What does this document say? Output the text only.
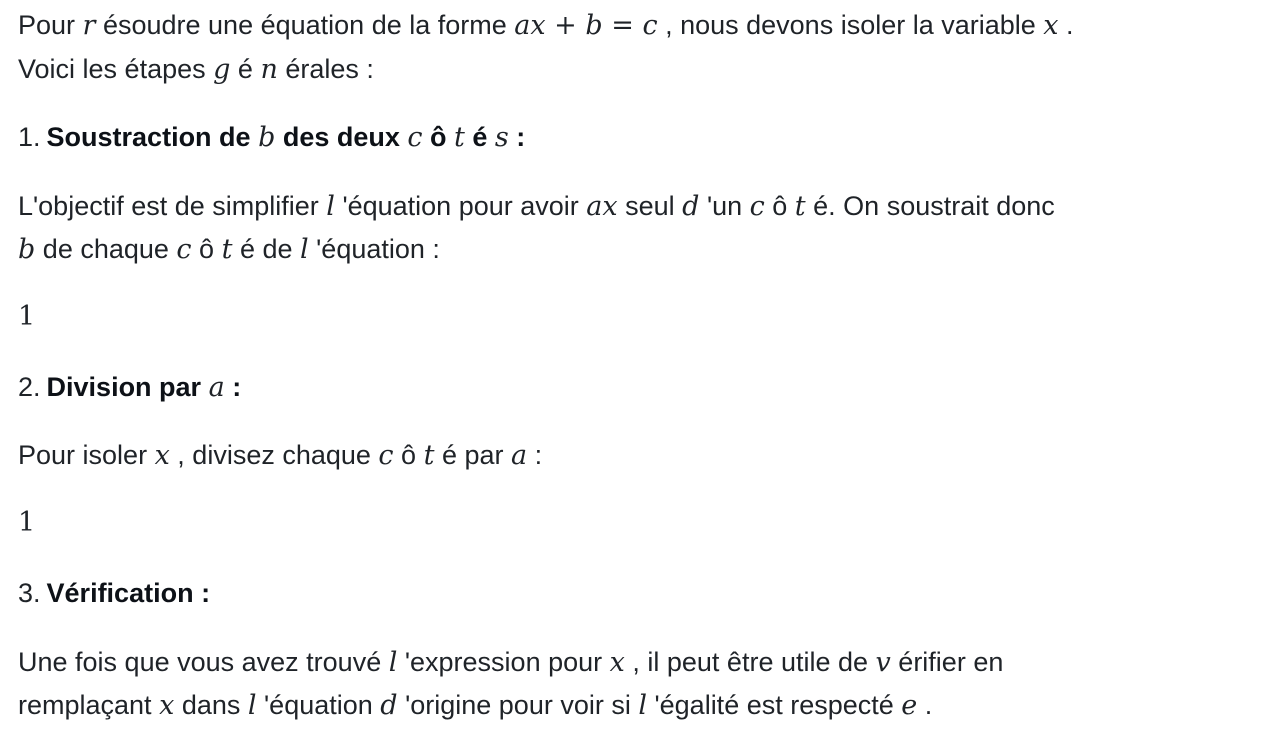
Pour r ésoudre une équation de la forme ax + b = c , nous devons isoler la variable x .
Voici les étapes g é n érales :
1. Soustraction de b des deux c ô t é s :
L'objectif est de simplifier l 'équation pour avoir ax seul d 'un c ô t é. On soustrait donc
b de chaque c ô t é de l 'équation :
1
2. Division par a :
Pour isoler x , divisez chaque c ô t é par a :
1
3. Vérification :
Une fois que vous avez trouvé l 'expression pour x , il peut être utile de v érifier en
remplaçant x dans l 'équation d 'origine pour voir si l 'égalité est respecté e .
